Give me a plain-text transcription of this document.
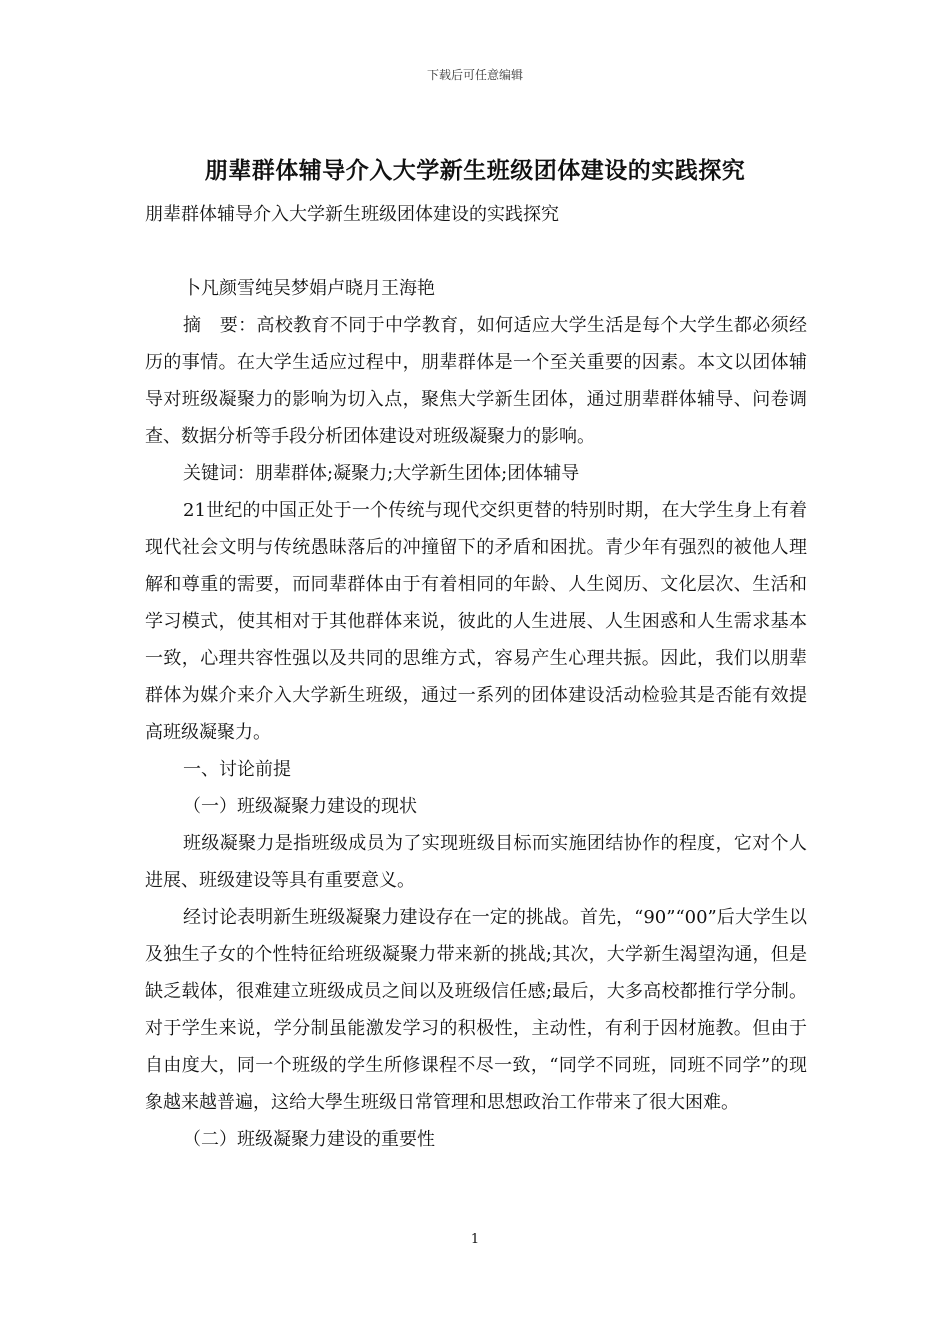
下载后可任意编辑
朋辈群体辅导介入大学新生班级团体建设的实践探究

朋辈群体辅导介入大学新生班级团体建设的实践探究

卜凡颜雪纯吴梦娟卢晓月王海艳

摘　要：高校教育不同于中学教育，如何适应大学生活是每个大学生都必须经历的事情。在大学生适应过程中，朋辈群体是一个至关重要的因素。本文以团体辅导对班级凝聚力的影响为切入点，聚焦大学新生团体，通过朋辈群体辅导、问卷调查、数据分析等手段分析团体建设对班级凝聚力的影响。

关键词：朋辈群体;凝聚力;大学新生团体;团体辅导

21世纪的中国正处于一个传统与现代交织更替的特别时期，在大学生身上有着现代社会文明与传统愚昧落后的冲撞留下的矛盾和困扰。青少年有强烈的被他人理解和尊重的需要，而同辈群体由于有着相同的年龄、人生阅历、文化层次、生活和学习模式，使其相对于其他群体来说，彼此的人生进展、人生困惑和人生需求基本一致，心理共容性强以及共同的思维方式，容易产生心理共振。因此，我们以朋辈群体为媒介来介入大学新生班级，通过一系列的团体建设活动检验其是否能有效提高班级凝聚力。

一、讨论前提

（一）班级凝聚力建设的现状

班级凝聚力是指班级成员为了实现班级目标而实施团结协作的程度，它对个人进展、班级建设等具有重要意义。

经讨论表明新生班级凝聚力建设存在一定的挑战。首先，“90”“00”后大学生以及独生子女的个性特征给班级凝聚力带来新的挑战;其次，大学新生渴望沟通，但是缺乏载体，很难建立班级成员之间以及班级信任感;最后，大多高校都推行学分制。对于学生来说，学分制虽能激发学习的积极性，主动性，有利于因材施教。但由于自由度大，同一个班级的学生所修课程不尽一致，“同学不同班，同班不同学”的现象越来越普遍，这给大學生班级日常管理和思想政治工作带来了很大困难。

（二）班级凝聚力建设的重要性

1
